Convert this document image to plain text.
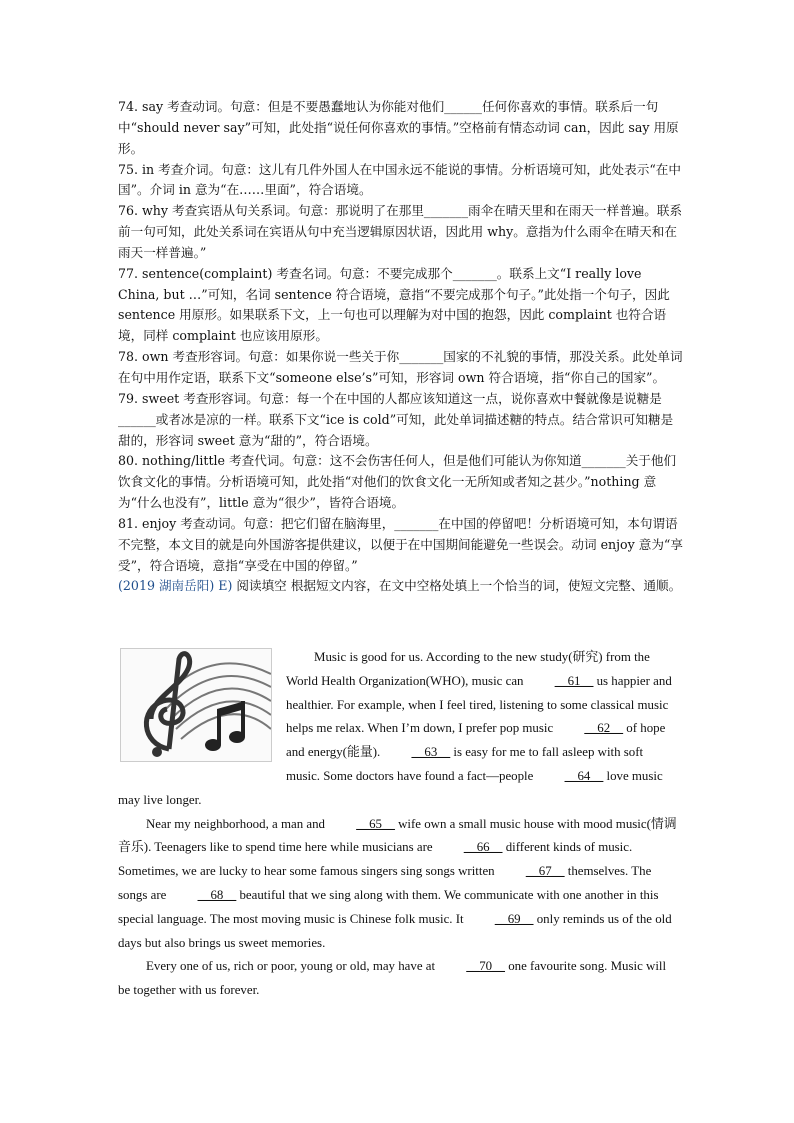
74. say 考查动词。句意：但是不要愚蠢地认为你能对他们______任何你喜欢的事情。联系后一句中“should never say”可知，此处指“说任何你喜欢的事情。”空格前有情态动词 can，因此 say 用原形。

75. in 考查介词。句意：这儿有几件外国人在中国永远不能说的事情。分析语境可知，此处表示“在中国”。介词 in 意为“在……里面”，符合语境。

76. why 考查宾语从句关系词。句意：那说明了在那里_______雨伞在晴天里和在雨天一样普遍。联系前一句可知，此处关系词在宾语从句中充当逻辑原因状语，因此用 why。意指为什么雨伞在晴天和在雨天一样普遍。”

77. sentence(complaint) 考查名词。句意：不要完成那个_______。联系上文“I really love China, but …”可知，名词 sentence 符合语境，意指“不要完成那个句子。”此处指一个句子，因此 sentence 用原形。如果联系下文，上一句也可以理解为对中国的抱怨，因此 complaint 也符合语境，同样 complaint 也应该用原形。

78. own 考查形容词。句意：如果你说一些关于你_______国家的不礼貌的事情，那没关系。此处单词在句中用作定语，联系下文“someone else’s”可知，形容词 own 符合语境，指“你自己的国家”。

79. sweet 考查形容词。句意：每一个在中国的人都应该知道这一点，说你喜欢中餐就像是说糖是______或者冰是凉的一样。联系下文“ice is cold”可知，此处单词描述糖的特点。结合常识可知糖是甜的，形容词 sweet 意为“甜的”，符合语境。

80. nothing/little 考查代词。句意：这不会伤害任何人，但是他们可能认为你知道_______关于他们饮食文化的事情。分析语境可知，此处指“对他们的饮食文化一无所知或者知之甚少。”nothing 意为“什么也没有”，little 意为“很少”，皆符合语境。

81. enjoy 考查动词。句意：把它们留在脑海里，_______在中国的停留吧！分析语境可知，本句谓语不完整，本文目的就是向外国游客提供建议，以便于在中国期间能避免一些误会。动词 enjoy 意为“享受”，符合语境，意指“享受在中国的停留。”

(2019 湖南岳阳) E) 阅读填空 根据短文内容，在文中空格处填上一个恰当的词，使短文完整、通顺。

Music is good for us. According to the new study(研究) from the World Health Organization(WHO), music can __61__ us happier and healthier. For example, when I feel tired, listening to some classical music helps me relax. When I’m down, I prefer pop music __62__ of hope and energy(能量). __63__ is easy for me to fall asleep with soft music. Some doctors have found a fact—people __64__ love music may live longer.

Near my neighborhood, a man and __65__ wife own a small music house with mood music(情调音乐). Teenagers like to spend time here while musicians are __66__ different kinds of music. Sometimes, we are lucky to hear some famous singers sing songs written __67__ themselves. The songs are __68__ beautiful that we sing along with them. We communicate with one another in this special language. The most moving music is Chinese folk music. It __69__ only reminds us of the old days but also brings us sweet memories.

Every one of us, rich or poor, young or old, may have at __70__ one favourite song. Music will be together with us forever.
